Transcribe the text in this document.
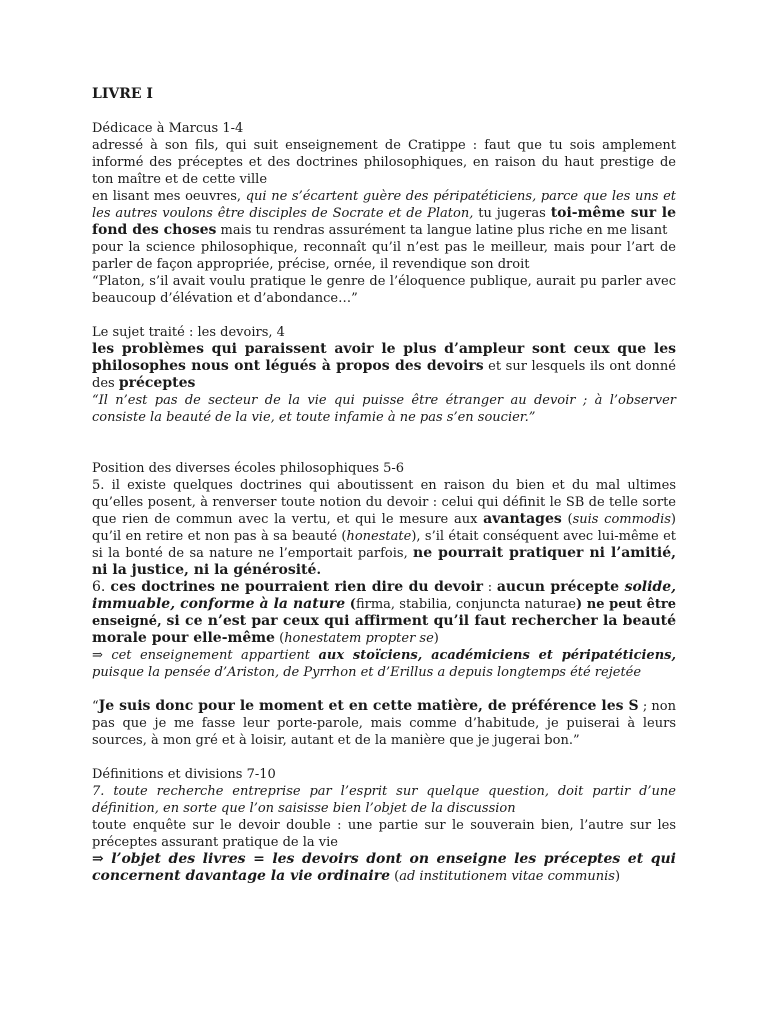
LIVRE I

Dédicace à Marcus 1-4

adressé à son fils, qui suit enseignement de Cratippe : faut que tu sois amplement informé des préceptes et des doctrines philosophiques, en raison du haut prestige de ton maître et de cette ville

en lisant mes oeuvres, qui ne s’écartent guère des péripatéticiens, parce que les uns et les autres voulons être disciples de Socrate et de Platon, tu jugeras toi-même sur le fond des choses mais tu rendras assurément ta langue latine plus riche en me lisant

pour la science philosophique, reconnaît qu’il n’est pas le meilleur, mais pour l’art de parler de façon appropriée, précise, ornée, il revendique son droit

“Platon, s’il avait voulu pratique le genre de l’éloquence publique, aurait pu parler avec beaucoup d’élévation et d’abondance…”

Le sujet traité : les devoirs, 4

les problèmes qui paraissent avoir le plus d’ampleur sont ceux que les philosophes nous ont légués à propos des devoirs et sur lesquels ils ont donné des préceptes

“Il n’est pas de secteur de la vie qui puisse être étranger au devoir ; à l’observer consiste la beauté de la vie, et toute infamie à ne pas s’en soucier.”

Position des diverses écoles philosophiques 5-6

5. il existe quelques doctrines qui aboutissent en raison du bien et du mal ultimes qu’elles posent, à renverser toute notion du devoir : celui qui définit le SB de telle sorte que rien de commun avec la vertu, et qui le mesure aux avantages (suis commodis) qu’il en retire et non pas à sa beauté (honestate), s’il était conséquent avec lui-même et si la bonté de sa nature ne l’emportait parfois, ne pourrait pratiquer ni l’amitié, ni la justice, ni la générosité.

6. ces doctrines ne pourraient rien dire du devoir : aucun précepte solide, immuable, conforme à la nature (firma, stabilia, conjuncta naturae) ne peut être enseigné, si ce n’est par ceux qui affirment qu’il faut rechercher la beauté morale pour elle-même (honestatem propter se)

⇒ cet enseignement appartient aux stoïciens, académiciens et péripatéticiens, puisque la pensée d’Ariston, de Pyrrhon et d’Erillus a depuis longtemps été rejetée

“Je suis donc pour le moment et en cette matière, de préférence les S ; non pas que je me fasse leur porte-parole, mais comme d’habitude, je puiserai à leurs sources, à mon gré et à loisir, autant et de la manière que je jugerai bon.”

Définitions et divisions 7-10

7. toute recherche entreprise par l’esprit sur quelque question, doit partir d’une définition, en sorte que l’on saisisse bien l’objet de la discussion

toute enquête sur le devoir double : une partie sur le souverain bien, l’autre sur les préceptes assurant pratique de la vie

⇒ l’objet des livres = les devoirs dont on enseigne les préceptes et qui concernent davantage la vie ordinaire (ad institutionem vitae communis)
